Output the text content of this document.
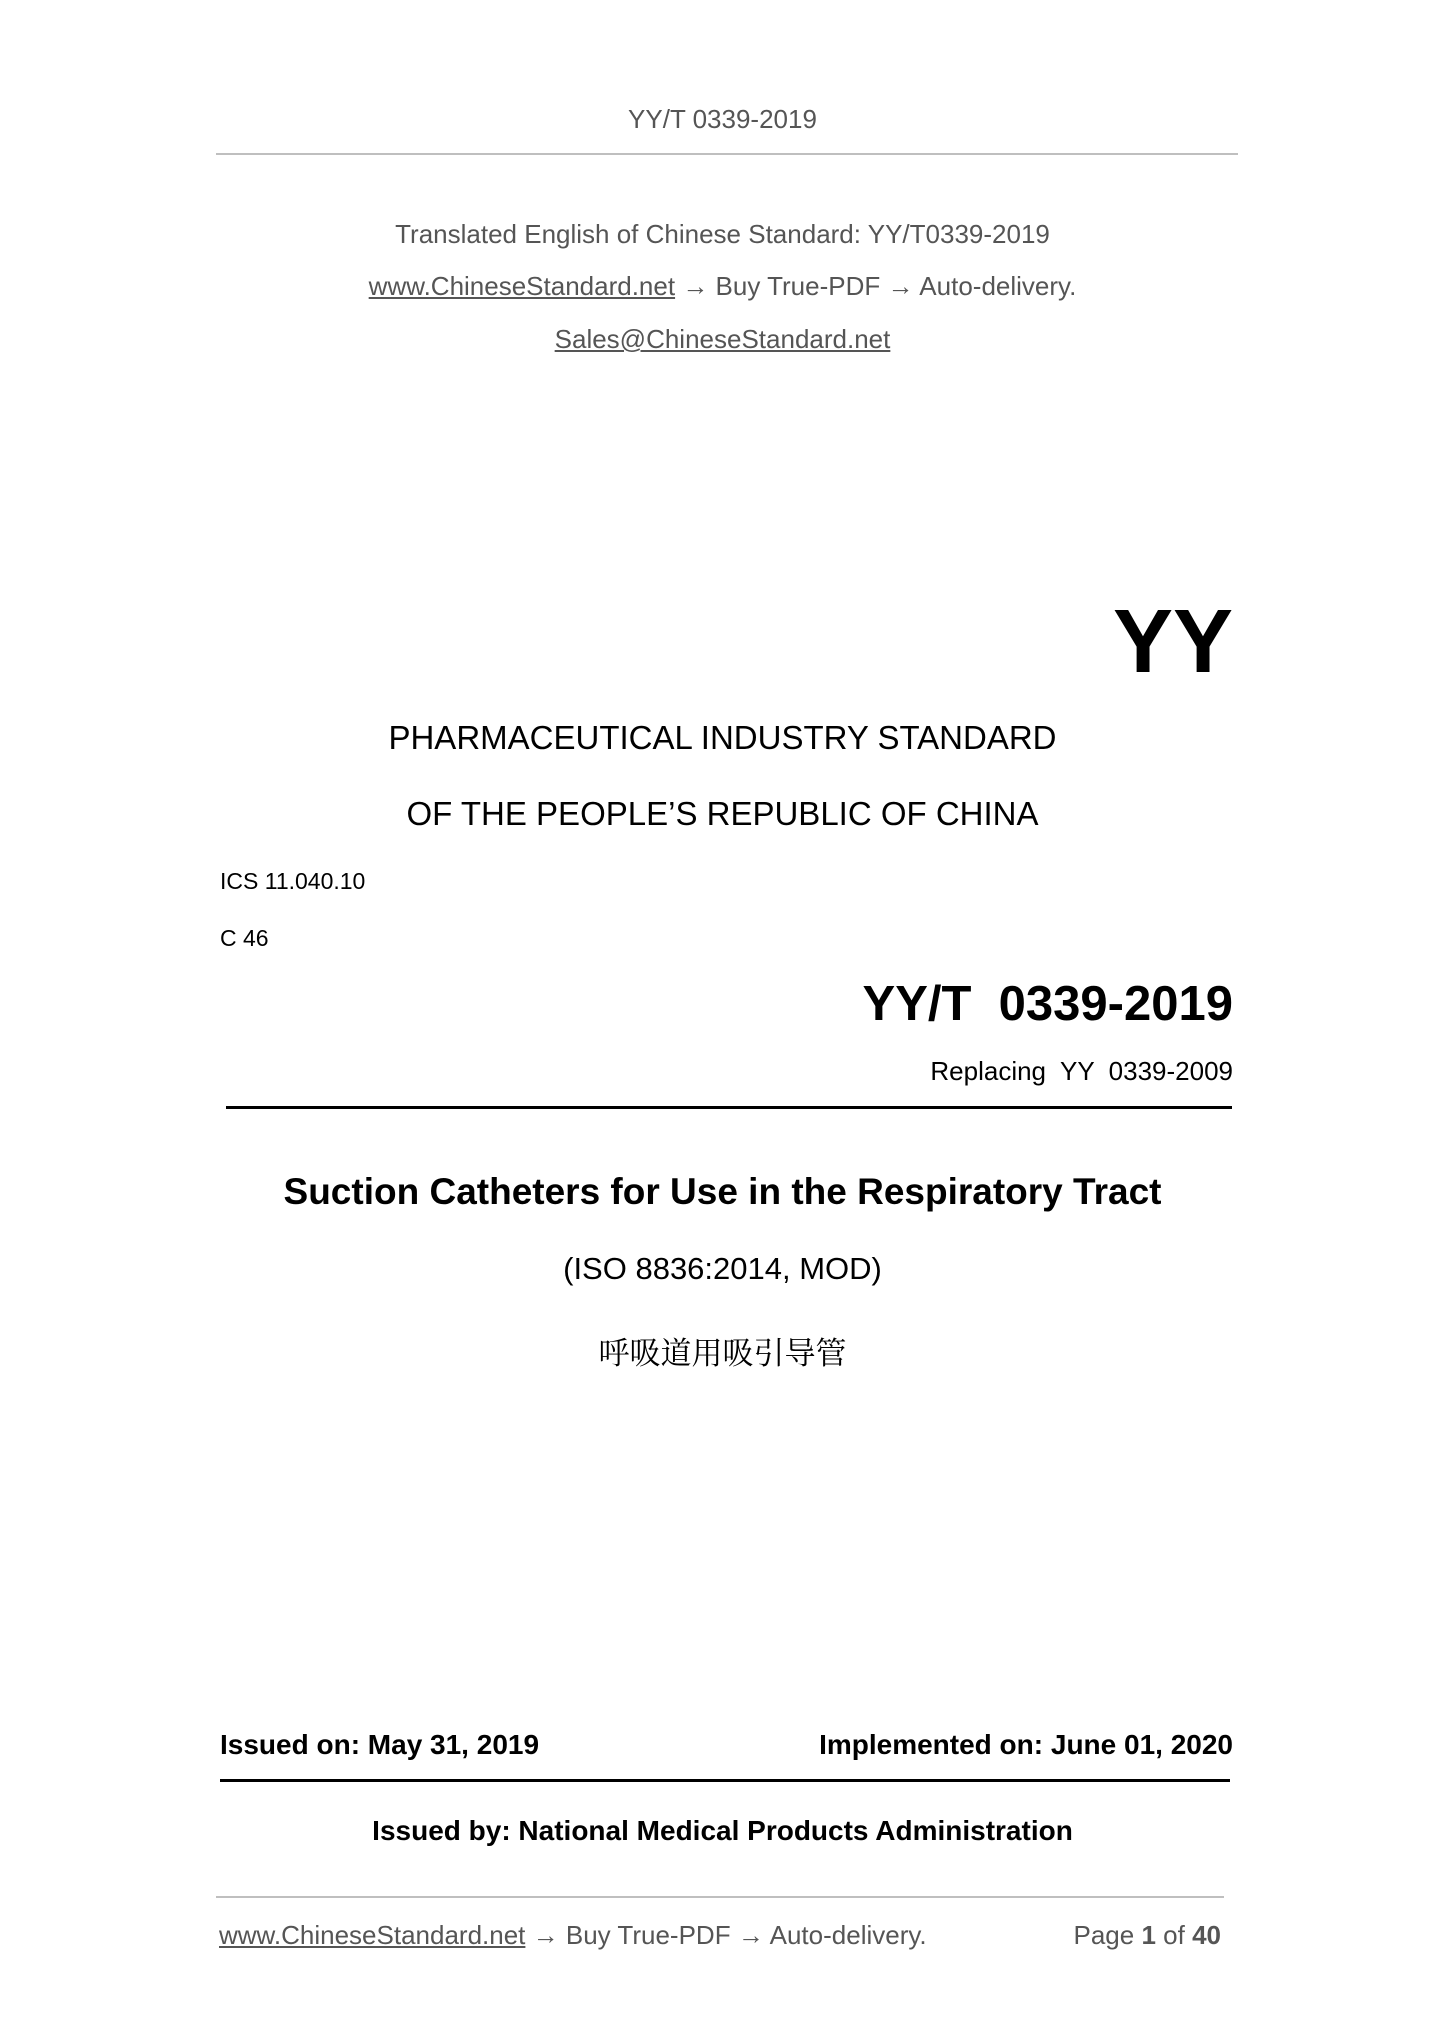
YY/T 0339-2019
Translated English of Chinese Standard: YY/T0339-2019
www.ChineseStandard.net → Buy True-PDF → Auto-delivery.
Sales@ChineseStandard.net
YY
PHARMACEUTICAL INDUSTRY STANDARD
OF THE PEOPLE’S REPUBLIC OF CHINA
ICS 11.040.10
C 46
YY/T  0339-2019
Replacing  YY  0339-2009
Suction Catheters for Use in the Respiratory Tract
(ISO 8836:2014, MOD)
呼吸道用吸引导管
Issued on: May 31, 2019	Implemented on: June 01, 2020
Issued by: National Medical Products Administration
www.ChineseStandard.net → Buy True-PDF → Auto-delivery.	Page 1 of 40
